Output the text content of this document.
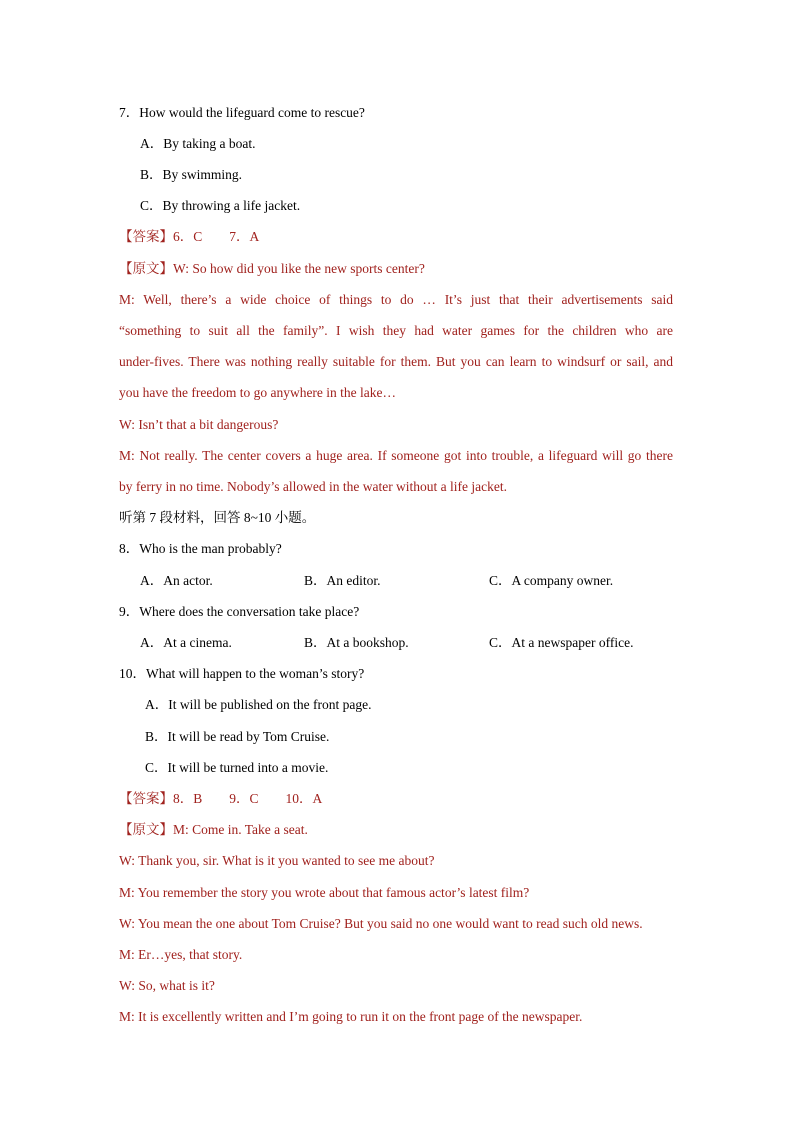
7．How would the lifeguard come to rescue?
A．By taking a boat.
B．By swimming.
C．By throwing a life jacket.
【答案】6．C　　7．A
【原文】W: So how did you like the new sports center?
M: Well, there’s a wide choice of things to do … It’s just that their advertisements said
“something to suit all the family”. I wish they had water games for the children who are
under-fives. There was nothing really suitable for them. But you can learn to windsurf or sail, and
you have the freedom to go anywhere in the lake…
W: Isn’t that a bit dangerous?
M: Not really. The center covers a huge area. If someone got into trouble, a lifeguard will go there
by ferry in no time. Nobody’s allowed in the water without a life jacket.
听第 7 段材料，回答 8~10 小题。
8．Who is the man probably?
A．An actor.	B．An editor.	C．A company owner.
9．Where does the conversation take place?
A．At a cinema.	B．At a bookshop.	C．At a newspaper office.
10．What will happen to the woman’s story?
A．It will be published on the front page.
B．It will be read by Tom Cruise.
C．It will be turned into a movie.
【答案】8．B　　9．C　　10．A
【原文】M: Come in. Take a seat.
W: Thank you, sir. What is it you wanted to see me about?
M: You remember the story you wrote about that famous actor’s latest film?
W: You mean the one about Tom Cruise? But you said no one would want to read such old news.
M: Er…yes, that story.
W: So, what is it?
M: It is excellently written and I’m going to run it on the front page of the newspaper.
